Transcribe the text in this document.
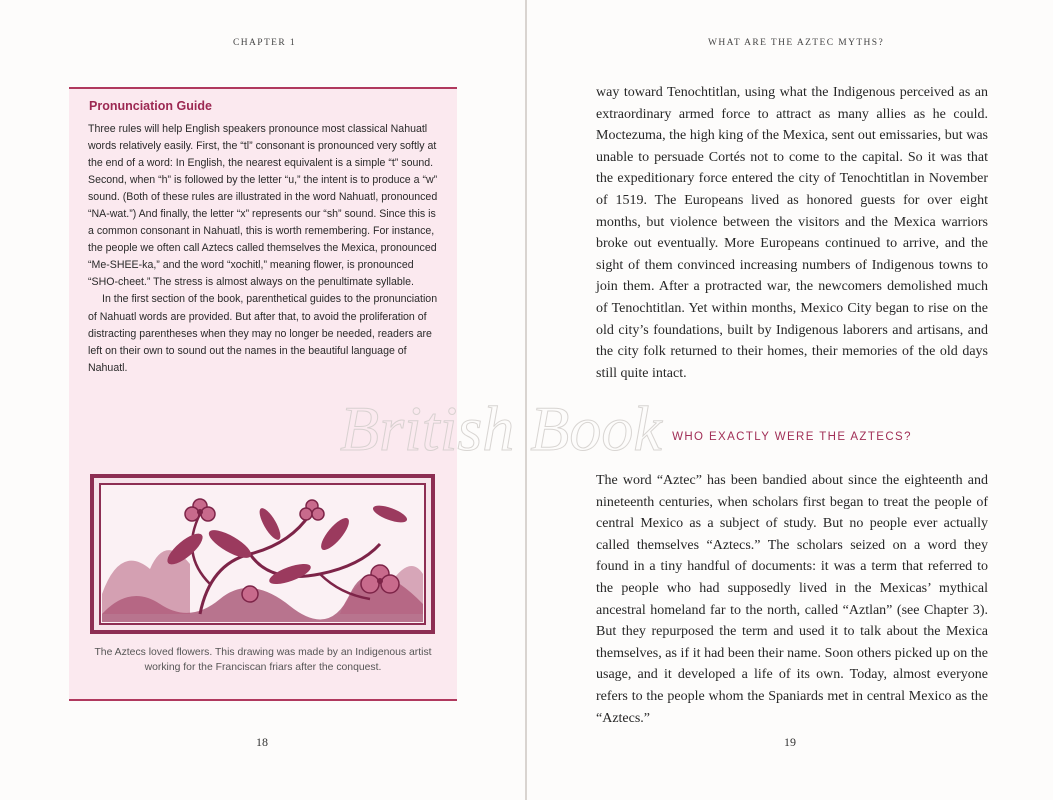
CHAPTER 1
Pronunciation Guide

Three rules will help English speakers pronounce most classical Nahuatl words relatively easily. First, the “tl” consonant is pronounced very softly at the end of a word: In English, the nearest equivalent is a simple “t” sound. Second, when “h” is followed by the letter “u,” the intent is to produce a “w” sound. (Both of these rules are illustrated in the word Nahuatl, pronounced “NA-wat.”) And finally, the letter “x” represents our “sh” sound. Since this is a common consonant in Nahuatl, this is worth remembering. For instance, the people we often call Aztecs called themselves the Mexica, pronounced “Me-SHEE-ka,” and the word “xochitl,” meaning flower, is pronounced “SHO-cheet.” The stress is almost always on the penultimate syllable.

In the first section of the book, parenthetical guides to the pronunciation of Nahuatl words are provided. But after that, to avoid the proliferation of distracting parentheses when they may no longer be needed, readers are left on their own to sound out the names in the beautiful language of Nahuatl.

The Aztecs loved flowers. This drawing was made by an Indigenous artist working for the Franciscan friars after the conquest.
18
WHAT ARE THE AZTEC MYTHS?

way toward Tenochtitlan, using what the Indigenous perceived as an extraordinary armed force to attract as many allies as he could. Moctezuma, the high king of the Mexica, sent out emissaries, but was unable to persuade Cortés not to come to the capital. So it was that the expeditionary force entered the city of Tenochtitlan in November of 1519. The Europeans lived as honored guests for over eight months, but violence between the visitors and the Mexica warriors broke out eventually. More Europeans continued to arrive, and the sight of them convinced increasing numbers of Indigenous towns to join them. After a protracted war, the newcomers demolished much of Tenochtitlan. Yet within months, Mexico City began to rise on the old city’s foundations, built by Indigenous laborers and artisans, and the city folk returned to their homes, their memories of the old days still quite intact.

WHO EXACTLY WERE THE AZTECS?

The word “Aztec” has been bandied about since the eighteenth and nineteenth centuries, when scholars first began to treat the people of central Mexico as a subject of study. But no people ever actually called themselves “Aztecs.” The scholars seized on a word they found in a tiny handful of documents: it was a term that referred to the people who had supposedly lived in the Mexicas’ mythical ancestral homeland far to the north, called “Aztlan” (see Chapter 3). But they repurposed the term and used it to talk about the Mexica themselves, as if it had been their name. Soon others picked up on the usage, and it developed a life of its own. Today, almost everyone refers to the people whom the Spaniards met in central Mexico as the “Aztecs.”

19
British Book
